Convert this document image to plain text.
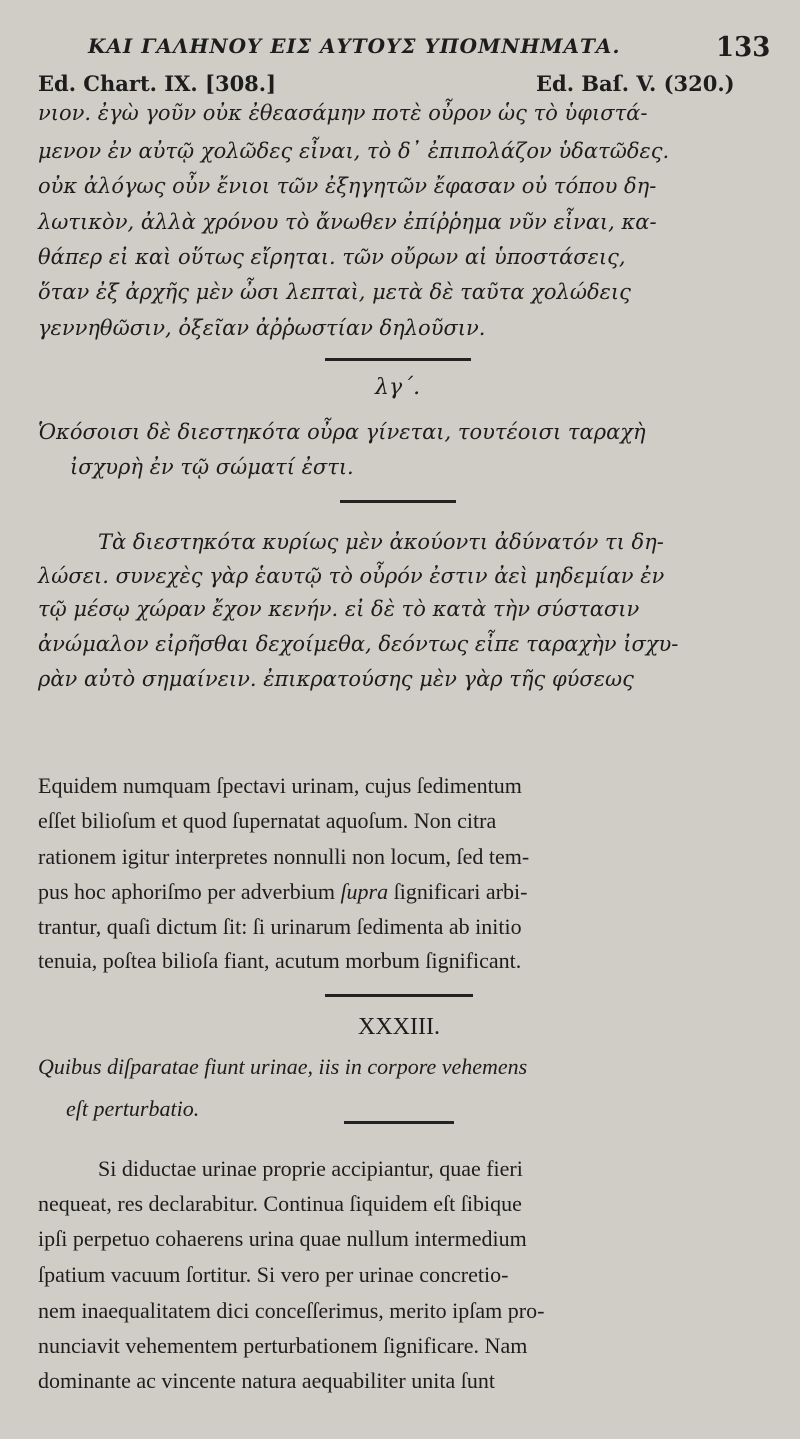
ΚΑΙ ΓΑΛΗΝΟΥ ΕΙΣ ΑΥΤΟΥΣ ΥΠΟΜΝΗΜΑΤΑ.	133
Ed. Chart. IX. [308.]	Ed. Baſ. V. (320.)
νιον. ἐγὼ γοῦν οὐκ ἐθεασάμην ποτὲ οὖρον ὡς τὸ ὑφιστά-
μενον ἐν αὐτῷ χολῶδες εἶναι, τὸ δ᾽ ἐπιπολάζον ὑδατῶδες.
οὐκ ἀλόγως οὖν ἔνιοι τῶν ἐξηγητῶν ἔφασαν οὐ τόπου δη-
λωτικὸν, ἀλλὰ χρόνου τὸ ἄνωθεν ἐπίῤῥημα νῦν εἶναι, κα-
θάπερ εἰ καὶ οὕτως εἴρηται. τῶν οὔρων αἱ ὑποστάσεις,
ὅταν ἐξ ἀρχῆς μὲν ὦσι λεπταὶ, μετὰ δὲ ταῦτα χολώδεις
γεννηθῶσιν, ὀξεῖαν ἀῤῥωστίαν δηλοῦσιν.
λγ΄.
Ὁκόσοισι δὲ διεστηκότα οὖρα γίνεται, τουτέοισι ταραχὴ
ἰσχυρὴ ἐν τῷ σώματί ἐστι.
Τὰ διεστηκότα κυρίως μὲν ἀκούοντι ἀδύνατόν τι δη-
λώσει. συνεχὲς γὰρ ἑαυτῷ τὸ οὖρόν ἐστιν ἀεὶ μηδεμίαν ἐν
τῷ μέσῳ χώραν ἔχον κενήν. εἰ δὲ τὸ κατὰ τὴν σύστασιν
ἀνώμαλον εἰρῆσθαι δεχοίμεθα, δεόντως εἶπε ταραχὴν ἰσχυ-
ρὰν αὐτὸ σημαίνειν. ἐπικρατούσης μὲν γὰρ τῆς φύσεως
Equidem numquam ſpectavi urinam, cujus ſedimentum
eſſet bilioſum et quod ſupernatat aquoſum. Non citra
rationem igitur interpretes nonnulli non locum, ſed tem-
pus hoc aphoriſmo per adverbium ſupra ſignificari arbi-
trantur, quaſi dictum ſit: ſi urinarum ſedimenta ab initio
tenuia, poſtea bilioſa fiant, acutum morbum ſignificant.
XXXIII.
Quibus diſparatae fiunt urinae, iis in corpore vehemens
eſt perturbatio.
Si diductae urinae proprie accipiantur, quae fieri
nequeat, res declarabitur. Continua ſiquidem eſt ſibique
ipſi perpetuo cohaerens urina quae nullum intermedium
ſpatium vacuum ſortitur. Si vero per urinae concretio-
nem inaequalitatem dici conceſſerimus, merito ipſam pro-
nunciavit vehementem perturbationem ſignificare. Nam
dominante ac vincente natura aequabiliter unita ſunt
